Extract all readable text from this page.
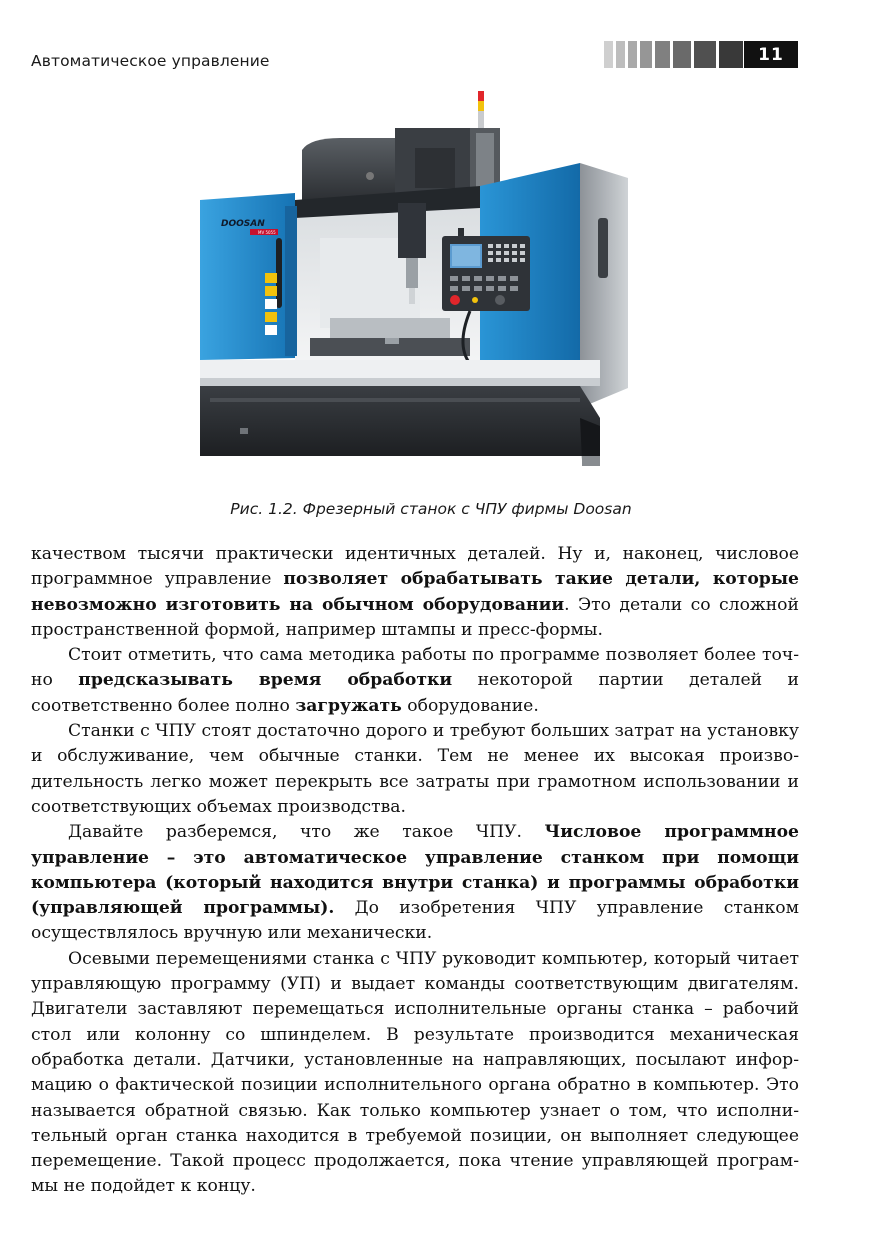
Автоматическое управление	11
DOOSAN
MV 5055
Рис. 1.2. Фрезерный станок с ЧПУ фирмы Doosan

качеством тысячи практически идентичных деталей. Ну и, наконец, числовое программное управление позволяет обрабатывать такие детали, которые невозможно изготовить на обычном оборудовании. Это детали со сложной пространственной формой, например штампы и пресс-формы.

Стоит отметить, что сама методика работы по программе позволяет более точно предсказывать время обработки некоторой партии деталей и соответственно более полно загружать оборудование.

Станки с ЧПУ стоят достаточно дорого и требуют больших затрат на установку и обслуживание, чем обычные станки. Тем не менее их высокая производительность легко может перекрыть все затраты при грамотном использовании и соответствующих объемах производства.

Давайте разберемся, что же такое ЧПУ. Числовое программное управление – это автоматическое управление станком при помощи компьютера (который находится внутри станка) и программы обработки (управляющей программы). До изобретения ЧПУ управление станком осуществлялось вручную или механически.

Осевыми перемещениями станка с ЧПУ руководит компьютер, который читает управляющую программу (УП) и выдает команды соответствующим двигателям. Двигатели заставляют перемещаться исполнительные органы станка – рабочий стол или колонну со шпинделем. В результате производится механическая обработка детали. Датчики, установленные на направляющих, посылают информацию о фактической позиции исполнительного органа обратно в компьютер. Это называется обратной связью. Как только компьютер узнает о том, что исполнительный орган станка находится в требуемой позиции, он выполняет следующее перемещение. Такой процесс продолжается, пока чтение управляющей программы не подойдет к концу.
